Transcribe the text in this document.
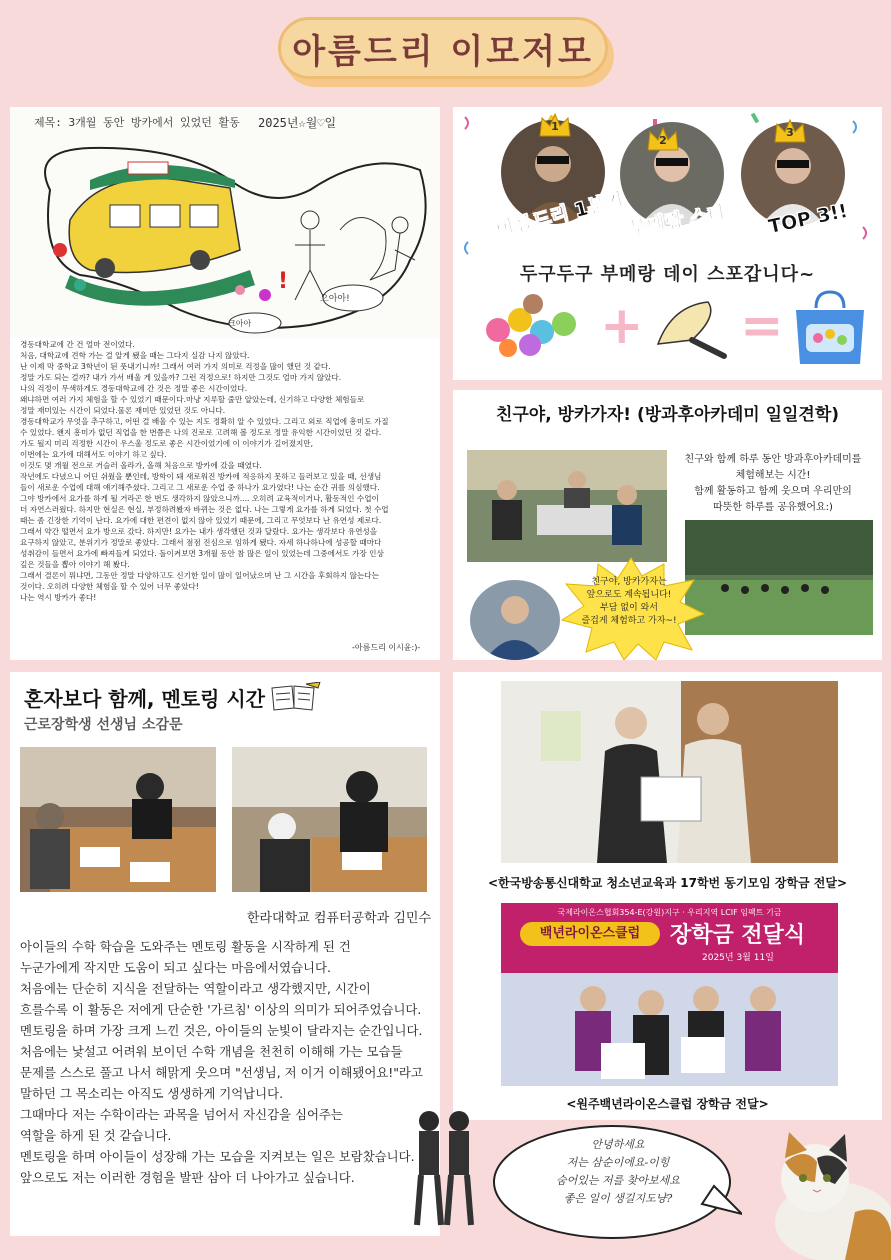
아름드리 이모저모
!
제목: 3개월 동안 방카에서 있었던 활동 2025년☆월♡일
으아아!
크아아
경동대학교에 간 건 얼마 전이었다.
처음, 대학교에 견학 가는 걸 알게 됐을 때는 그다지 실감 나지 않았다.
난 이제 막 중학교 3학년이 된 풋내기니까! 그래서 여러 가지 의미로 걱정을 많이 했던 것 같다.
정말 가도 되는 걸까? 내가 가서 배울 게 있을까? 그런 걱정으로! 하지만 그것도 얼마 가지 않았다.
나의 걱정이 무색하게도 경동대학교에 간 것은 정말 좋은 시간이었다.
왜냐하면 여러 가지 체험을 할 수 있었기 때문이다.마냥 지루할 줄만 알았는데, 신기하고 다양한 체험들로
정말 재미있는 시간이 되었다.물론 재미만 있었던 것도 아니다.
경동대학교가 무엇을 추구하고, 어떤 걸 배울 수 있는 지도 정확히 알 수 있었다. 그리고 외로 직업에 흥미도 가질
수 있었다. 왠지 흥미가 없던 직업을 한 번쯤은 나의 진로로 고려해 볼 정도로 정말 유익한 시간이었던 것 같다.
가도 될지 미리 걱정한 시간이 우스울 정도로 좋은 시간이었기에 이 이야기가 길어졌지만,
이번에는 요가에 대해서도 이야기 하고 싶다.
이것도 몇 개월 전으로 거슬러 올라가, 올해 처음으로 방카에 갔을 때였다.
작년에도 다녔으니 어딘 쉬웠을 뿐인데, 방학이 돼 새로워진 방카에 적응하지 못하고 들러보고 있을 때, 선생님
들이 새로운 수업에 대해 얘기해주셨다. 그리고 그 새로운 수업 중 하나가 요가였다! 나는 순간 귀를 의심했다.
그야 방카에서 요가를 하게 될 거라곤 한 번도 생각하지 않았으니까.... 오히려 교육적이거나, 활동적인 수업이
더 자연스러웠다. 하지만 현실은 현실, 부정하려봤자 바뀌는 것은 없다. 나는 그렇게 요가를 하게 되었다. 첫 수업
때는 좀 긴장한 기억이 난다. 요가에 대한 편견이 없지 않아 있었기 때문에, 그리고 무엇보다 난 유연성 제로다.
그래서 약간 떨면서 요가 방으로 갔다. 하지만! 요가는 내가 생각했던 것과 달랐다. 요가는 생각보다 유연성을
요구하지 않았고, 분위기가 정말로 좋았다. 그래서 점점 진심으로 임하게 됐다. 자세 하나하나에 성공할 때마다
성취감이 들면서 요가에 빠져들게 되었다. 돌이켜보면 3개월 동안 참 많은 일이 있었는데 그중에서도 가장 인상
깊은 것들을 뽑아 이야기 해 봤다.
그래서 결론이 뭐냐면, 그동안 정말 다양하고도 신기한 일이 많이 일어났으며 난 그 시간을 후회하지 않는다는
것이다. 오히려 다양한 체험을 할 수 있어 너무 좋았다!
나는 역시 방카가 좋다!
-아름드리 이시윤:)-
1
2
3
아름드리 1분기 부메랑 스타 TOP 3!!
두구두구 부메랑 데이 스포갑니다~
+ =
친구야, 방카가자! (방과후아카데미 일일견학)
친구야, 방카가자는
앞으로도 계속됩니다!
부담 없이 와서
즐겁게 체험하고 가자~!
친구와 함께 하루 동안 방과후아카데미를
체험해보는 시간!
함께 활동하고 함께 웃으며 우리만의
따뜻한 하루를 공유했어요:)
혼자보다 함께, 멘토링 시간
근로장학생 선생님 소감문
한라대학교 컴퓨터공학과 김민수
아이들의 수학 학습을 도와주는 멘토링 활동을 시작하게 된 건
누군가에게 작지만 도움이 되고 싶다는 마음에서였습니다.
처음에는 단순히 지식을 전달하는 역할이라고 생각했지만, 시간이
흐를수록 이 활동은 저에게 단순한 '가르침' 이상의 의미가 되어주었습니다.
멘토링을 하며 가장 크게 느낀 것은, 아이들의 눈빛이 달라지는 순간입니다.
처음에는 낯설고 어려워 보이던 수학 개념을 천천히 이해해 가는 모습들
문제를 스스로 풀고 나서 해맑게 웃으며 "선생님, 저 이거 이해됐어요!"라고
말하던 그 목소리는 아직도 생생하게 기억납니다.
그때마다 저는 수학이라는 과목을 넘어서 자신감을 심어주는
역할을 하게 된 것 같습니다.
멘토링을 하며 아이들이 성장해 가는 모습을 지켜보는 일은 보람찼습니다.
앞으로도 저는 이러한 경험을 발판 삼아 더 나아가고 싶습니다.
<한국방송통신대학교 청소년교육과 17학번 동기모임 장학금 전달>
국제라이온스협회354-E(강원)지구 · 우리지역 LCIF 임팩트 기금
백년라이온스클럽	장학금 전달식
2025년 3월 11일
<원주백년라이온스클럽 장학금 전달>
안녕하세요
저는 삼순이에요-이힝
숨어있는 저를 찾아보세요
좋은 일이 생길지도냥?
